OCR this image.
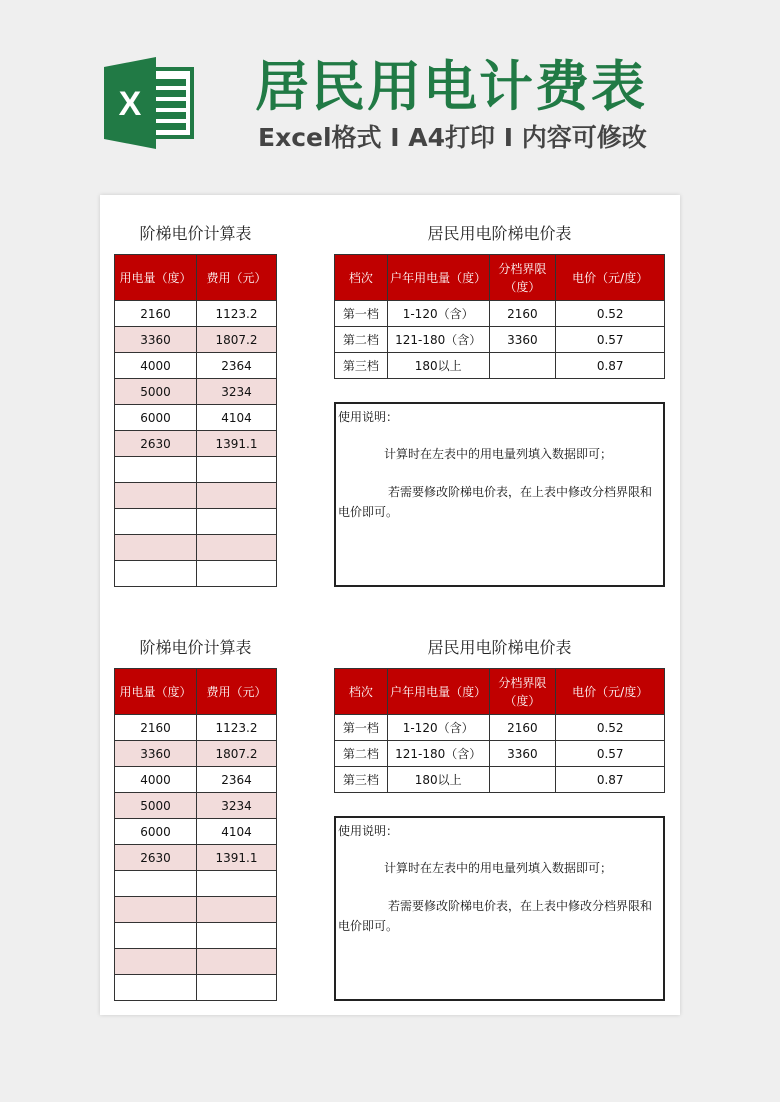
X 居民用电计费表
Excel格式 I A4打印 I 内容可修改
阶梯电价计算表
用电量（度）	费用（元）
2160	1123.2
3360	1807.2
4000	2364
5000	3234
6000	4104
2630	1391.1

居民用电阶梯电价表
档次	户年用电量（度）	分档界限（度）	电价（元/度）
第一档	1-120（含）	2160	0.52
第二档	121-180（含）	3360	0.57
第三档	180以上		0.87

使用说明：

计算时在左表中的用电量列填入数据即可；

若需要修改阶梯电价表，在上表中修改分档界限和电价即可。

阶梯电价计算表
用电量（度）	费用（元）
2160	1123.2
3360	1807.2
4000	2364
5000	3234
6000	4104
2630	1391.1

居民用电阶梯电价表
档次	户年用电量（度）	分档界限（度）	电价（元/度）
第一档	1-120（含）	2160	0.52
第二档	121-180（含）	3360	0.57
第三档	180以上		0.87

使用说明：

计算时在左表中的用电量列填入数据即可；

若需要修改阶梯电价表，在上表中修改分档界限和电价即可。
